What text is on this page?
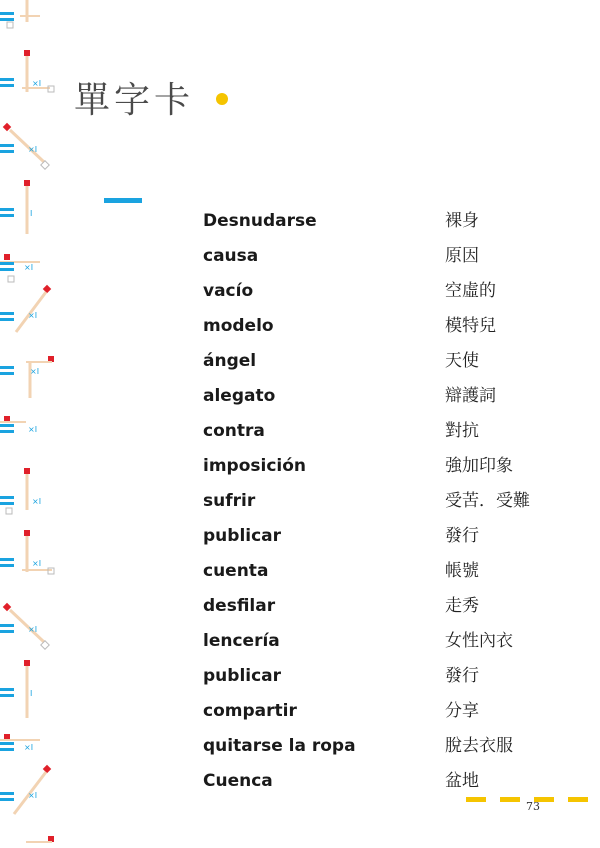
×I
×I
I
×I
×I
×I
×I
×I
×I
×I
I
×I
×I
單字卡
Desnudarse	裸身
causa	原因
vacío	空虛的
modelo	模特兒
ángel	天使
alegato	辯護詞
contra	對抗
imposición	強加印象
sufrir	受苦．受難
publicar	發行
cuenta	帳號
desfilar	走秀
lencería	女性內衣
publicar	發行
compartir	分享
quitarse la ropa	脫去衣服
Cuenca	盆地
73
